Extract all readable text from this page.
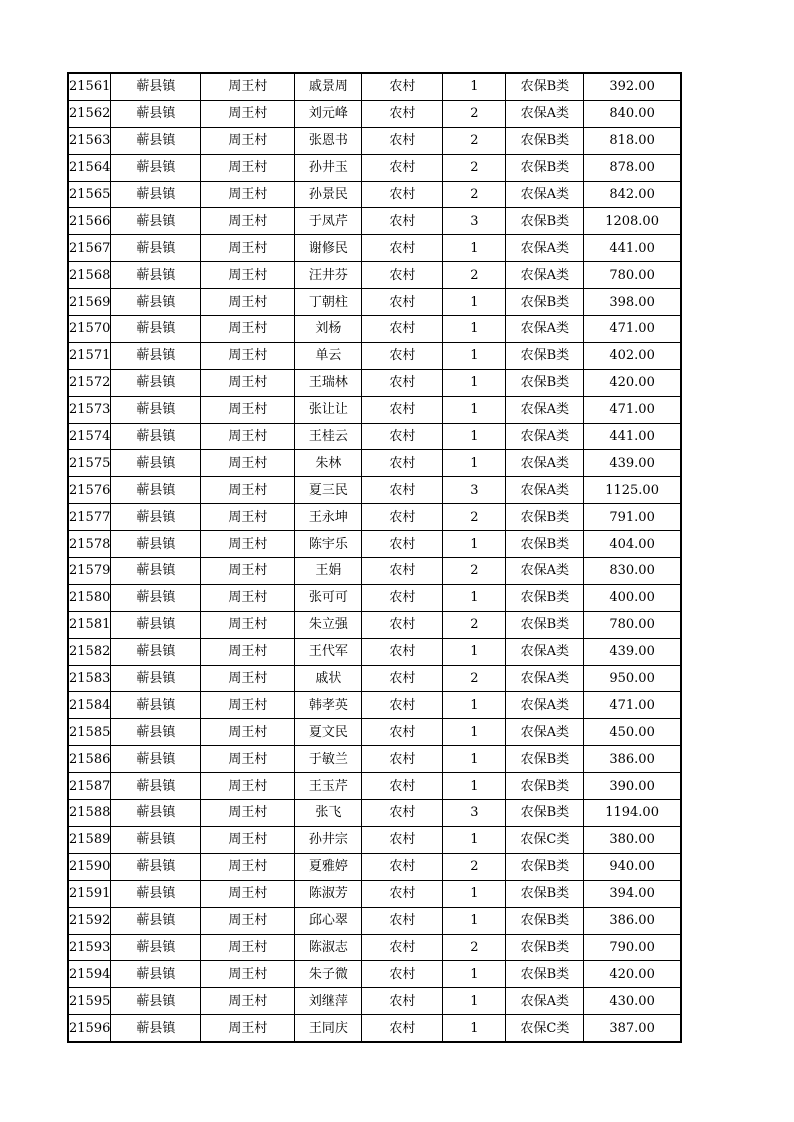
21561	蕲县镇	周王村	戚景周	农村	1	农保B类	392.00
21562	蕲县镇	周王村	刘元峰	农村	2	农保A类	840.00
21563	蕲县镇	周王村	张恩书	农村	2	农保B类	818.00
21564	蕲县镇	周王村	孙井玉	农村	2	农保B类	878.00
21565	蕲县镇	周王村	孙景民	农村	2	农保A类	842.00
21566	蕲县镇	周王村	于凤芹	农村	3	农保B类	1208.00
21567	蕲县镇	周王村	谢修民	农村	1	农保A类	441.00
21568	蕲县镇	周王村	汪井芬	农村	2	农保A类	780.00
21569	蕲县镇	周王村	丁朝柱	农村	1	农保B类	398.00
21570	蕲县镇	周王村	刘杨	农村	1	农保A类	471.00
21571	蕲县镇	周王村	单云	农村	1	农保B类	402.00
21572	蕲县镇	周王村	王瑞林	农村	1	农保B类	420.00
21573	蕲县镇	周王村	张让让	农村	1	农保A类	471.00
21574	蕲县镇	周王村	王桂云	农村	1	农保A类	441.00
21575	蕲县镇	周王村	朱林	农村	1	农保A类	439.00
21576	蕲县镇	周王村	夏三民	农村	3	农保A类	1125.00
21577	蕲县镇	周王村	王永坤	农村	2	农保B类	791.00
21578	蕲县镇	周王村	陈宇乐	农村	1	农保B类	404.00
21579	蕲县镇	周王村	王娟	农村	2	农保A类	830.00
21580	蕲县镇	周王村	张可可	农村	1	农保B类	400.00
21581	蕲县镇	周王村	朱立强	农村	2	农保B类	780.00
21582	蕲县镇	周王村	王代军	农村	1	农保A类	439.00
21583	蕲县镇	周王村	戚状	农村	2	农保A类	950.00
21584	蕲县镇	周王村	韩孝英	农村	1	农保A类	471.00
21585	蕲县镇	周王村	夏文民	农村	1	农保A类	450.00
21586	蕲县镇	周王村	于敏兰	农村	1	农保B类	386.00
21587	蕲县镇	周王村	王玉芹	农村	1	农保B类	390.00
21588	蕲县镇	周王村	张飞	农村	3	农保B类	1194.00
21589	蕲县镇	周王村	孙井宗	农村	1	农保C类	380.00
21590	蕲县镇	周王村	夏雅婷	农村	2	农保B类	940.00
21591	蕲县镇	周王村	陈淑芳	农村	1	农保B类	394.00
21592	蕲县镇	周王村	邱心翠	农村	1	农保B类	386.00
21593	蕲县镇	周王村	陈淑志	农村	2	农保B类	790.00
21594	蕲县镇	周王村	朱子微	农村	1	农保B类	420.00
21595	蕲县镇	周王村	刘继萍	农村	1	农保A类	430.00
21596	蕲县镇	周王村	王同庆	农村	1	农保C类	387.00
